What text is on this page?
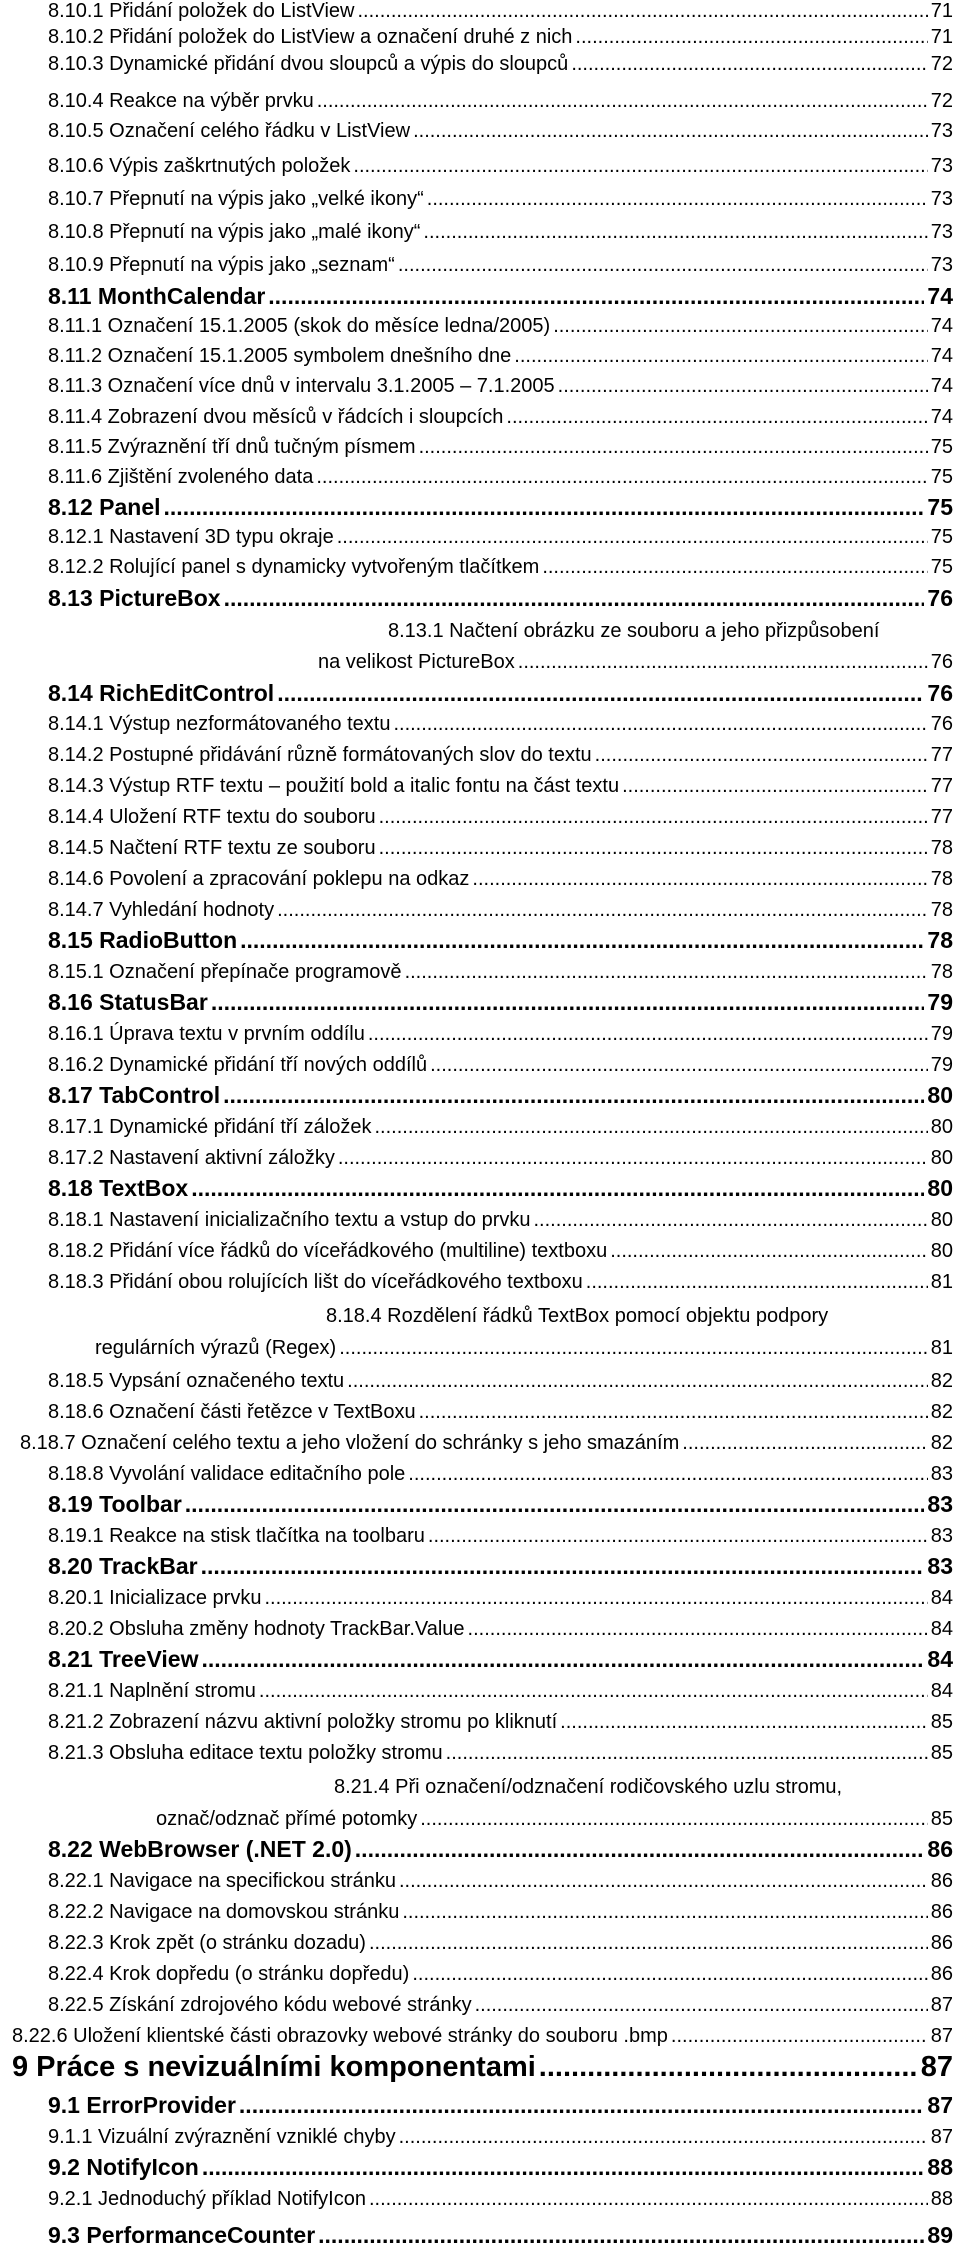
8.10.1 Přidání položek do ListView .....	71
8.10.2 Přidání položek do ListView a označení druhé z nich .....	71
8.10.3 Dynamické přidání dvou sloupců a výpis do sloupců .....	72
8.10.4 Reakce na výběr prvku .....	72
8.10.5 Označení celého řádku v ListView .....	73
8.10.6 Výpis zaškrtnutých položek .....	73
8.10.7 Přepnutí na výpis jako „velké ikony“ .....	73
8.10.8 Přepnutí na výpis jako „malé ikony“ .....	73
8.10.9 Přepnutí na výpis jako „seznam“ .....	73
8.11 MonthCalendar .....	74
8.11.1 Označení 15.1.2005 (skok do měsíce ledna/2005) .....	74
8.11.2 Označení 15.1.2005 symbolem dnešního dne .....	74
8.11.3 Označení více dnů v intervalu 3.1.2005 – 7.1.2005 .....	74
8.11.4 Zobrazení dvou měsíců v řádcích i sloupcích .....	74
8.11.5 Zvýraznění tří dnů tučným písmem .....	75
8.11.6 Zjištění zvoleného data .....	75
8.12 Panel .....	75
8.12.1 Nastavení 3D typu okraje .....	75
8.12.2 Rolující panel s dynamicky vytvořeným tlačítkem .....	75
8.13 PictureBox .....	76
8.13.1 Načtení obrázku ze souboru a jeho přizpůsobení
na velikost PictureBox .....	76
8.14 RichEditControl .....	76
8.14.1 Výstup nezformátovaného textu .....	76
8.14.2 Postupné přidávání různě formátovaných slov do textu .....	77
8.14.3 Výstup RTF textu – použití bold a italic fontu na část textu .....	77
8.14.4 Uložení RTF textu do souboru .....	77
8.14.5 Načtení RTF textu ze souboru .....	78
8.14.6 Povolení a zpracování poklepu na odkaz .....	78
8.14.7 Vyhledání hodnoty .....	78
8.15 RadioButton .....	78
8.15.1 Označení přepínače programově .....	78
8.16 StatusBar .....	79
8.16.1 Úprava textu v prvním oddílu .....	79
8.16.2 Dynamické přidání tří nových oddílů .....	79
8.17 TabControl .....	80
8.17.1 Dynamické přidání tří záložek .....	80
8.17.2 Nastavení aktivní záložky .....	80
8.18 TextBox .....	80
8.18.1 Nastavení inicializačního textu a vstup do prvku .....	80
8.18.2 Přidání více řádků do víceřádkového (multiline) textboxu .....	80
8.18.3 Přidání obou rolujících lišt do víceřádkového textboxu .....	81
8.18.4 Rozdělení řádků TextBox pomocí objektu podpory
regulárních výrazů (Regex) .....	81
8.18.5 Vypsání označeného textu .....	82
8.18.6 Označení části řetězce v TextBoxu .....	82
8.18.7 Označení celého textu a jeho vložení do schránky s jeho smazáním .....	82
8.18.8 Vyvolání validace editačního pole .....	83
8.19 Toolbar .....	83
8.19.1 Reakce na stisk tlačítka na toolbaru .....	83
8.20 TrackBar .....	83
8.20.1 Inicializace prvku .....	84
8.20.2 Obsluha změny hodnoty TrackBar.Value .....	84
8.21 TreeView .....	84
8.21.1 Naplnění stromu .....	84
8.21.2 Zobrazení názvu aktivní položky stromu po kliknutí .....	85
8.21.3 Obsluha editace textu položky stromu .....	85
8.21.4 Při označení/odznačení rodičovského uzlu stromu,
označ/odznač přímé potomky .....	85
8.22 WebBrowser (.NET 2.0) .....	86
8.22.1 Navigace na specifickou stránku .....	86
8.22.2 Navigace na domovskou stránku .....	86
8.22.3 Krok zpět (o stránku dozadu) .....	86
8.22.4 Krok dopředu (o stránku dopředu) .....	86
8.22.5 Získání zdrojového kódu webové stránky .....	87
8.22.6 Uložení klientské části obrazovky webové stránky do souboru .bmp .....	87
9 Práce s nevizuálními komponentami .....	87
9.1 ErrorProvider .....	87
9.1.1 Vizuální zvýraznění vzniklé chyby .....	87
9.2 NotifyIcon .....	88
9.2.1 Jednoduchý příklad NotifyIcon .....	88
9.3 PerformanceCounter .....	89
